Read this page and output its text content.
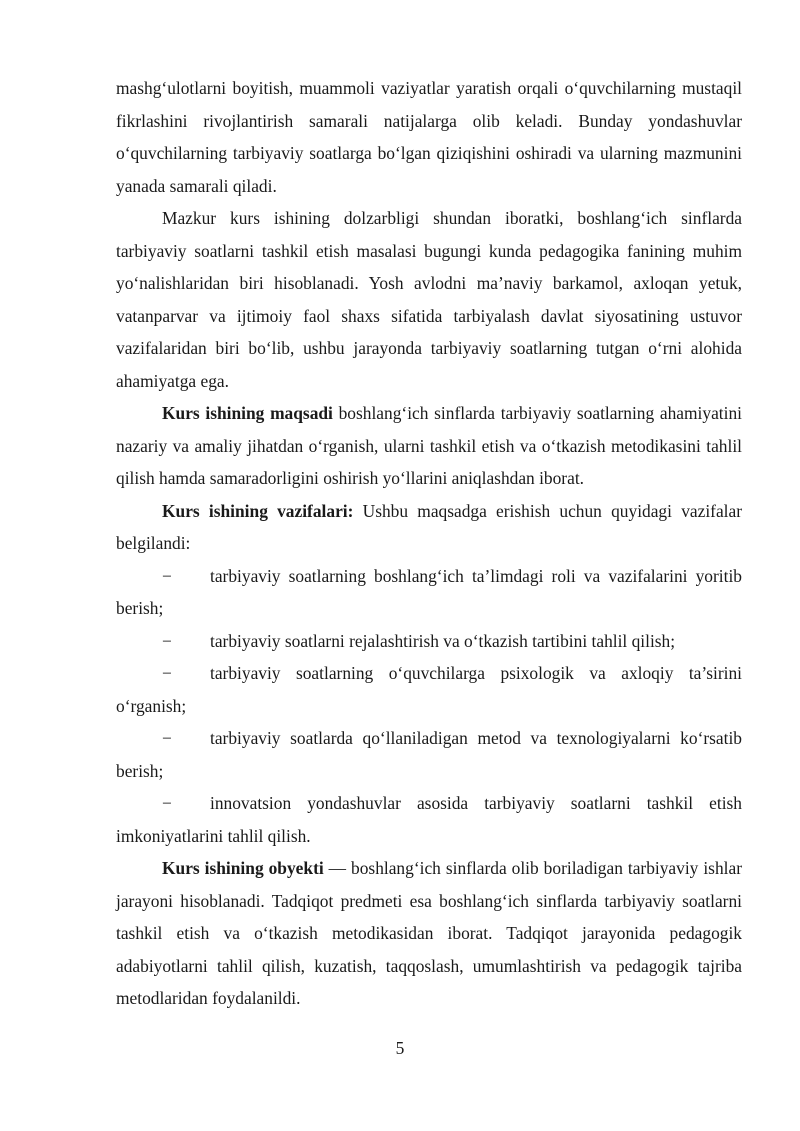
mashg‘ulotlarni boyitish, muammoli vaziyatlar yaratish orqali o‘quvchilarning mustaqil fikrlashini rivojlantirish samarali natijalarga olib keladi. Bunday yondashuvlar o‘quvchilarning tarbiyaviy soatlarga bo‘lgan qiziqishini oshiradi va ularning mazmunini yanada samarali qiladi.

Mazkur kurs ishining dolzarbligi shundan iboratki, boshlang‘ich sinflarda tarbiyaviy soatlarni tashkil etish masalasi bugungi kunda pedagogika fanining muhim yo‘nalishlaridan biri hisoblanadi. Yosh avlodni ma’naviy barkamol, axloqan yetuk, vatanparvar va ijtimoiy faol shaxs sifatida tarbiyalash davlat siyosatining ustuvor vazifalaridan biri bo‘lib, ushbu jarayonda tarbiyaviy soatlarning tutgan o‘rni alohida ahamiyatga ega.

Kurs ishining maqsadi boshlang‘ich sinflarda tarbiyaviy soatlarning ahamiyatini nazariy va amaliy jihatdan o‘rganish, ularni tashkil etish va o‘tkazish metodikasini tahlil qilish hamda samaradorligini oshirish yo‘llarini aniqlashdan iborat.

Kurs ishining vazifalari: Ushbu maqsadga erishish uchun quyidagi vazifalar belgilandi:

− tarbiyaviy soatlarning boshlang‘ich ta’limdagi roli va vazifalarini yoritib berish;

− tarbiyaviy soatlarni rejalashtirish va o‘tkazish tartibini tahlil qilish;

− tarbiyaviy soatlarning o‘quvchilarga psixologik va axloqiy ta’sirini o‘rganish;

− tarbiyaviy soatlarda qo‘llaniladigan metod va texnologiyalarni ko‘rsatib berish;

− innovatsion yondashuvlar asosida tarbiyaviy soatlarni tashkil etish imkoniyatlarini tahlil qilish.

Kurs ishining obyekti — boshlang‘ich sinflarda olib boriladigan tarbiyaviy ishlar jarayoni hisoblanadi. Tadqiqot predmeti esa boshlang‘ich sinflarda tarbiyaviy soatlarni tashkil etish va o‘tkazish metodikasidan iborat. Tadqiqot jarayonida pedagogik adabiyotlarni tahlil qilish, kuzatish, taqqoslash, umumlashtirish va pedagogik tajriba metodlaridan foydalanildi.

5
